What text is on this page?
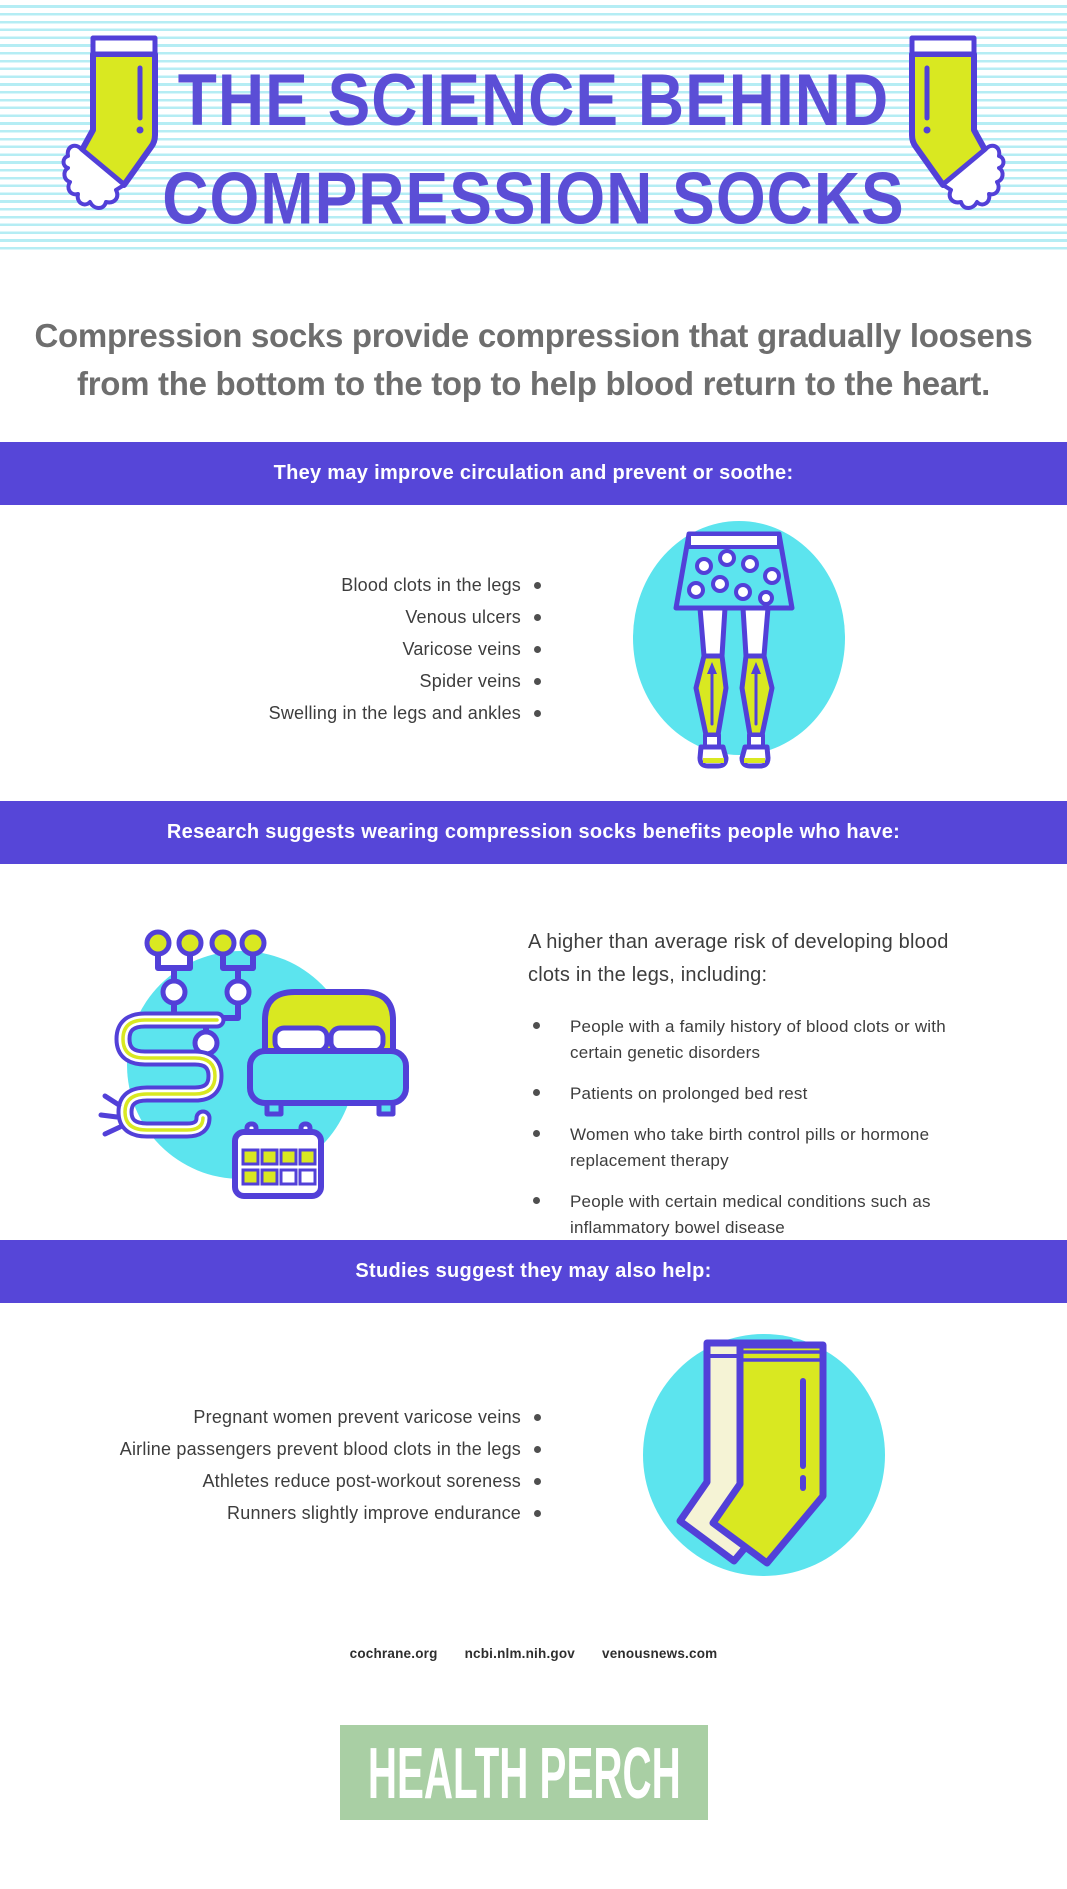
THE SCIENCE BEHIND
COMPRESSION SOCKS
Compression socks provide compression that gradually loosens
from the bottom to the top to help blood return to the heart.
They may improve circulation and prevent or soothe:
Blood clots in the legs
Venous ulcers
Varicose veins
Spider veins
Swelling in the legs and ankles
Research suggests wearing compression socks benefits people who have:
A higher than average risk of developing blood clots in the legs, including:
People with a family history of blood clots or with certain genetic disorders
Patients on prolonged bed rest
Women who take birth control pills or hormone replacement therapy
People with certain medical conditions such as inflammatory bowel disease
Studies suggest they may also help:
Pregnant women prevent varicose veins
Airline passengers prevent blood clots in the legs
Athletes reduce post-workout soreness
Runners slightly improve endurance
cochrane.org ncbi.nlm.nih.gov venousnews.com
HEALTH PERCH
